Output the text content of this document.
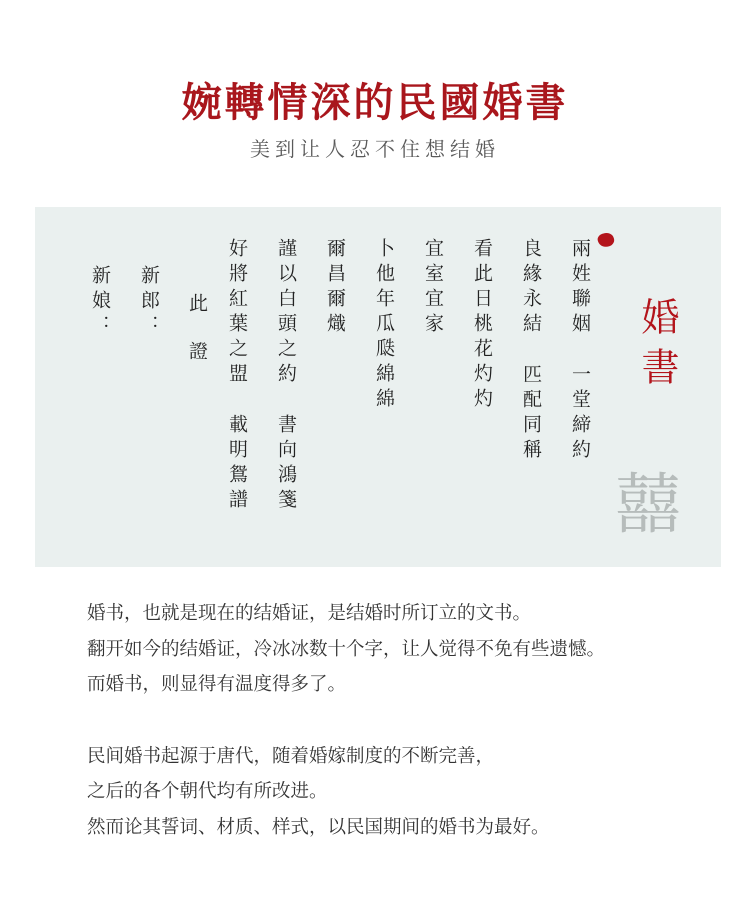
婉轉情深的民國婚書
美到让人忍不住想结婚
婚書
囍
兩姓聯姻一堂締約
良緣永結匹配同稱
看此日桃花灼灼
宜室宜家
卜他年瓜瓞綿綿
爾昌爾熾
謹以白頭之約書向鴻箋
好將紅葉之盟載明鴛譜
此
證
新郎：
新娘：

婚书，也就是现在的结婚证，是结婚时所订立的文书。

翻开如今的结婚证，冷冰冰数十个字，让人觉得不免有些遗憾。

而婚书，则显得有温度得多了。

民间婚书起源于唐代，随着婚嫁制度的不断完善，

之后的各个朝代均有所改进。

然而论其誓词、材质、样式，以民国期间的婚书为最好。
